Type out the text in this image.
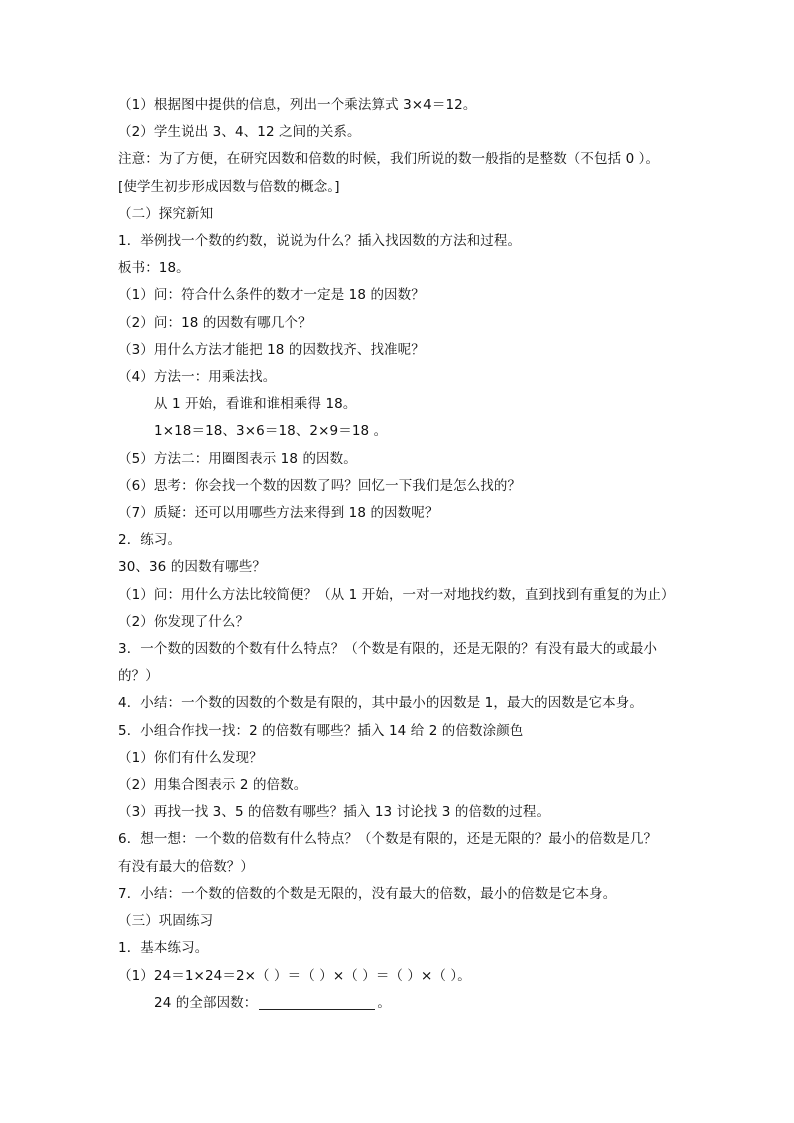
（1）根据图中提供的信息，列出一个乘法算式 3×4＝12。
（2）学生说出 3、4、12 之间的关系。
注意：为了方便，在研究因数和倍数的时候，我们所说的数一般指的是整数（不包括 0 ）。
[使学生初步形成因数与倍数的概念。]
（二）探究新知
1．举例找一个数的约数，说说为什么？插入找因数的方法和过程。
板书：18。
（1）问：符合什么条件的数才一定是 18 的因数？
（2）问：18 的因数有哪几个？
（3）用什么方法才能把 18 的因数找齐、找准呢？
（4）方法一：用乘法找。
从 1 开始，看谁和谁相乘得 18。
1×18＝18、3×6＝18、2×9＝18 。
（5）方法二：用圈图表示 18 的因数。
（6）思考：你会找一个数的因数了吗？回忆一下我们是怎么找的？
（7）质疑：还可以用哪些方法来得到 18 的因数呢？
2．练习。
30、36 的因数有哪些？
（1）问：用什么方法比较简便？（从 1 开始，一对一对地找约数，直到找到有重复的为止）
（2）你发现了什么？
3．一个数的因数的个数有什么特点？（个数是有限的，还是无限的？有没有最大的或最小
的？）
4．小结：一个数的因数的个数是有限的，其中最小的因数是 1，最大的因数是它本身。
5．小组合作找一找：2 的倍数有哪些？插入 14 给 2 的倍数涂颜色
（1）你们有什么发现？
（2）用集合图表示 2 的倍数。
（3）再找一找 3、5 的倍数有哪些？插入 13 讨论找 3 的倍数的过程。
6．想一想：一个数的倍数有什么特点？（个数是有限的，还是无限的？最小的倍数是几？
有没有最大的倍数？）
7．小结：一个数的倍数的个数是无限的，没有最大的倍数，最小的倍数是它本身。
（三）巩固练习
1．基本练习。
（1）24＝1×24＝2×（ ）＝（ ）×（ ）＝（ ）×（ ）。
24 的全部因数：	。
